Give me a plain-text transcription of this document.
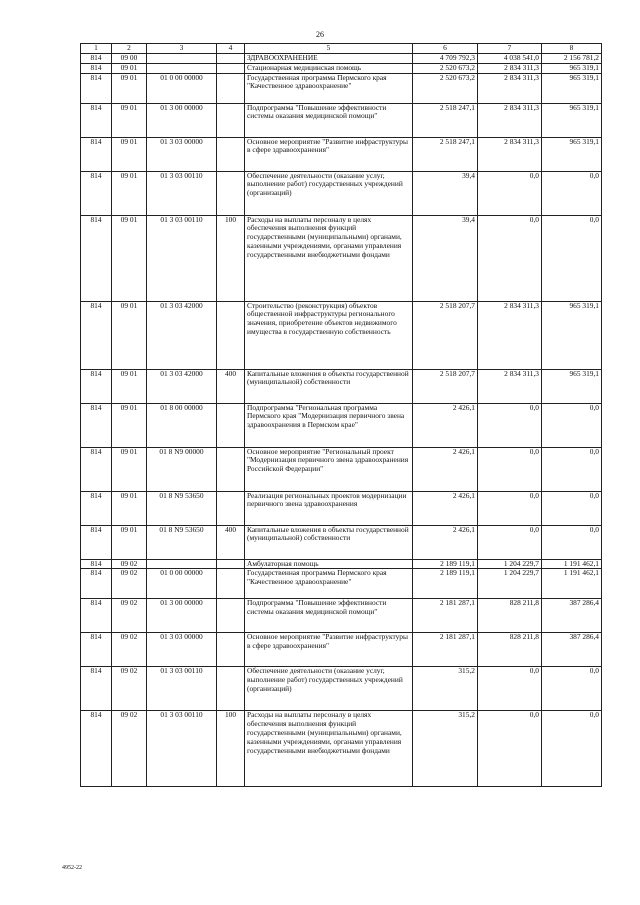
26
1	2	3	4	5	6	7	8
814	09 00			ЗДРАВООХРАНЕНИЕ	4 709 792,3	4 038 541,0	2 156 781,2
814	09 01			Стационарная медицинская помощь	2 520 673,2	2 834 311,3	965 319,1
814	09 01	01 0 00 00000		Государственная программа Пермского края "Качественное здравоохранение"	2 520 673,2	2 834 311,3	965 319,1
814	09 01	01 3 00 00000		Подпрограмма "Повышение эффективности системы оказания медицинской помощи"	2 518 247,1	2 834 311,3	965 319,1
814	09 01	01 3 03 00000		Основное мероприятие "Развитие инфраструктуры в сфере здравоохранения"	2 518 247,1	2 834 311,3	965 319,1
814	09 01	01 3 03 00110		Обеспечение деятельности (оказание услуг, выполнение работ) государственных учреждений (организаций)	39,4	0,0	0,0
814	09 01	01 3 03 00110	100	Расходы на выплаты персоналу в целях обеспечения выполнения функций государственными (муниципальными) органами, казенными учреждениями, органами управления государственными внебюджетными фондами	39,4	0,0	0,0
814	09 01	01 3 03 42000		Строительство (реконструкция) объектов общественной инфраструктуры регионального значения, приобретение объектов недвижимого имущества в государственную собственность	2 518 207,7	2 834 311,3	965 319,1
814	09 01	01 3 03 42000	400	Капитальные вложения в объекты государственной (муниципальной) собственности	2 518 207,7	2 834 311,3	965 319,1
814	09 01	01 8 00 00000		Подпрограмма "Региональная программа Пермского края "Модернизация первичного звена здравоохранения в Пермском крае"	2 426,1	0,0	0,0
814	09 01	01 8 N9 00000		Основное мероприятие "Региональный проект "Модернизация первичного звена здравоохранения Российской Федерации"	2 426,1	0,0	0,0
814	09 01	01 8 N9 53650		Реализация региональных проектов модернизации первичного звена здравоохранения	2 426,1	0,0	0,0
814	09 01	01 8 N9 53650	400	Капитальные вложения в объекты государственной (муниципальной) собственности	2 426,1	0,0	0,0
814	09 02			Амбулаторная помощь	2 189 119,1	1 204 229,7	1 191 462,1
814	09 02	01 0 00 00000		Государственная программа Пермского края "Качественное здравоохранение"	2 189 119,1	1 204 229,7	1 191 462,1
814	09 02	01 3 00 00000		Подпрограмма "Повышение эффективности системы оказания медицинской помощи"	2 181 287,1	828 211,8	387 286,4
814	09 02	01 3 03 00000		Основное мероприятие "Развитие инфраструктуры в сфере здравоохранения"	2 181 287,1	828 211,8	387 286,4
814	09 02	01 3 03 00110		Обеспечение деятельности (оказание услуг, выполнение работ) государственных учреждений (организаций)	315,2	0,0	0,0
814	09 02	01 3 03 00110	100	Расходы на выплаты персоналу в целях обеспечения выполнения функций государственными (муниципальными) органами, казенными учреждениями, органами управления государственными внебюджетными фондами	315,2	0,0	0,0
4952-22
